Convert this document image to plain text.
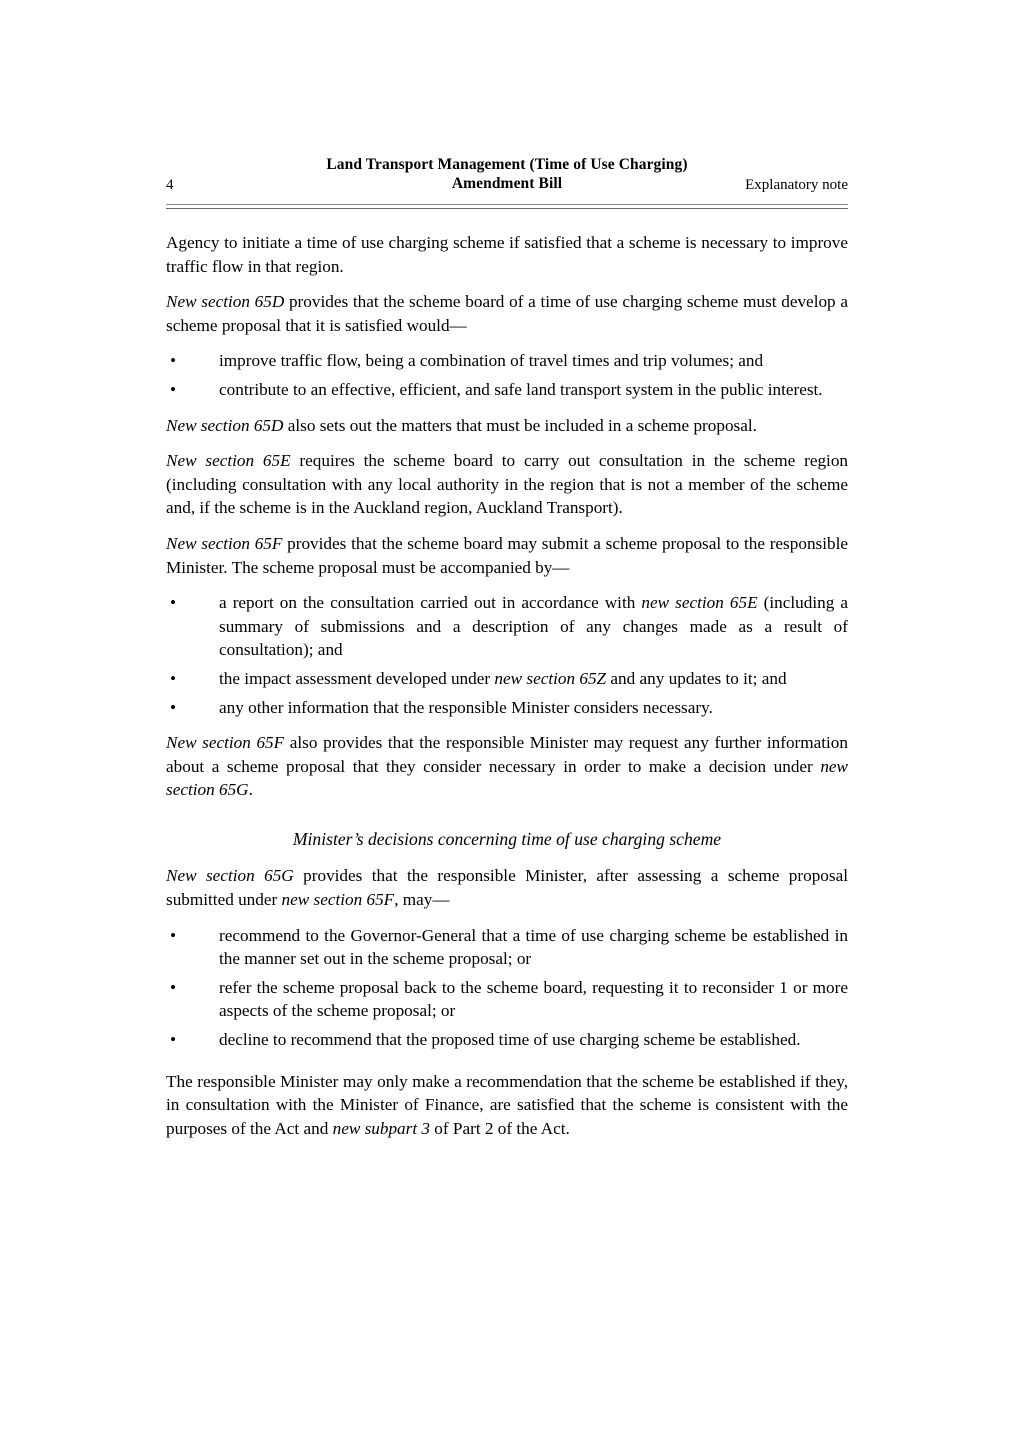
Land Transport Management (Time of Use Charging)
Amendment Bill
4	Explanatory note

Agency to initiate a time of use charging scheme if satisfied that a scheme is necessary to improve traffic flow in that region.

New section 65D provides that the scheme board of a time of use charging scheme must develop a scheme proposal that it is satisfied would—

• improve traffic flow, being a combination of travel times and trip volumes; and
• contribute to an effective, efficient, and safe land transport system in the public interest.

New section 65D also sets out the matters that must be included in a scheme proposal.

New section 65E requires the scheme board to carry out consultation in the scheme region (including consultation with any local authority in the region that is not a member of the scheme and, if the scheme is in the Auckland region, Auckland Transport).

New section 65F provides that the scheme board may submit a scheme proposal to the responsible Minister. The scheme proposal must be accompanied by—

• a report on the consultation carried out in accordance with new section 65E (including a summary of submissions and a description of any changes made as a result of consultation); and
• the impact assessment developed under new section 65Z and any updates to it; and
• any other information that the responsible Minister considers necessary.

New section 65F also provides that the responsible Minister may request any further information about a scheme proposal that they consider necessary in order to make a decision under new section 65G.

Minister’s decisions concerning time of use charging scheme

New section 65G provides that the responsible Minister, after assessing a scheme proposal submitted under new section 65F, may—

• recommend to the Governor-General that a time of use charging scheme be established in the manner set out in the scheme proposal; or
• refer the scheme proposal back to the scheme board, requesting it to reconsider 1 or more aspects of the scheme proposal; or
• decline to recommend that the proposed time of use charging scheme be established.

The responsible Minister may only make a recommendation that the scheme be established if they, in consultation with the Minister of Finance, are satisfied that the scheme is consistent with the purposes of the Act and new subpart 3 of Part 2 of the Act.
